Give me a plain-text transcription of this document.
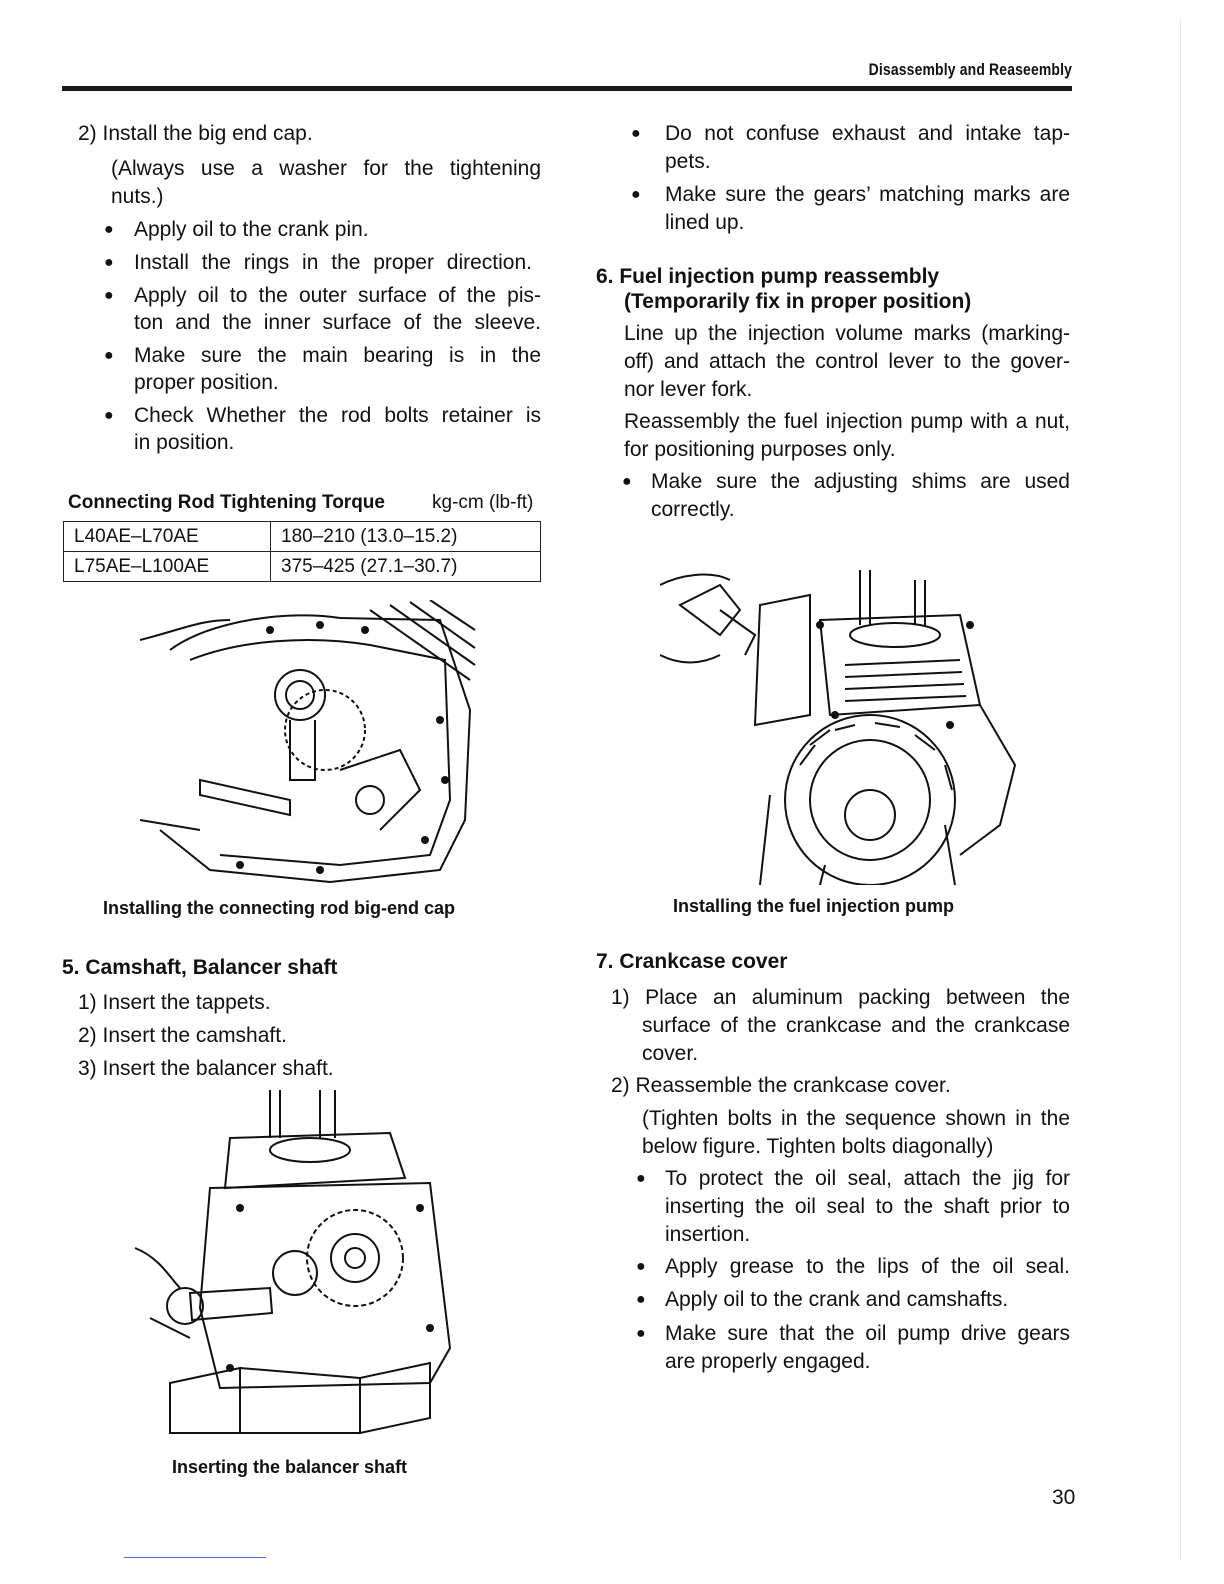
Disassembly and Reaseembly
2) Install the big end cap.
(Always use a washer for the tightening
nuts.)
● Apply oil to the crank pin.
● Install the rings in the proper direction.
● Apply oil to the outer surface of the pis-
ton and the inner surface of the sleeve.
● Make sure the main bearing is in the
proper position.
● Check Whether the rod bolts retainer is
in position.
Connecting Rod Tightening Torque kg-cm (lb-ft)
L40AE–L70AE	180–210 (13.0–15.2)
L75AE–L100AE	375–425 (27.1–30.7)
Installing the connecting rod big-end cap
5. Camshaft, Balancer shaft
1) Insert the tappets.
2) Insert the camshaft.
3) Insert the balancer shaft.
Inserting the balancer shaft
● Do not confuse exhaust and intake tap-
pets.
● Make sure the gears’ matching marks are
lined up.
6. Fuel injection pump reassembly
(Temporarily fix in proper position)
Line up the injection volume marks (marking-
off) and attach the control lever to the gover-
nor lever fork.
Reassembly the fuel injection pump with a nut,
for positioning purposes only.
● Make sure the adjusting shims are used
correctly.
Installing the fuel injection pump
7. Crankcase cover
1) Place an aluminum packing between the
surface of the crankcase and the crankcase
cover.
2) Reassemble the crankcase cover.
(Tighten bolts in the sequence shown in the
below figure. Tighten bolts diagonally)
● To protect the oil seal, attach the jig for
inserting the oil seal to the shaft prior to
insertion.
● Apply grease to the lips of the oil seal.
● Apply oil to the crank and camshafts.
● Make sure that the oil pump drive gears
are properly engaged.
30
